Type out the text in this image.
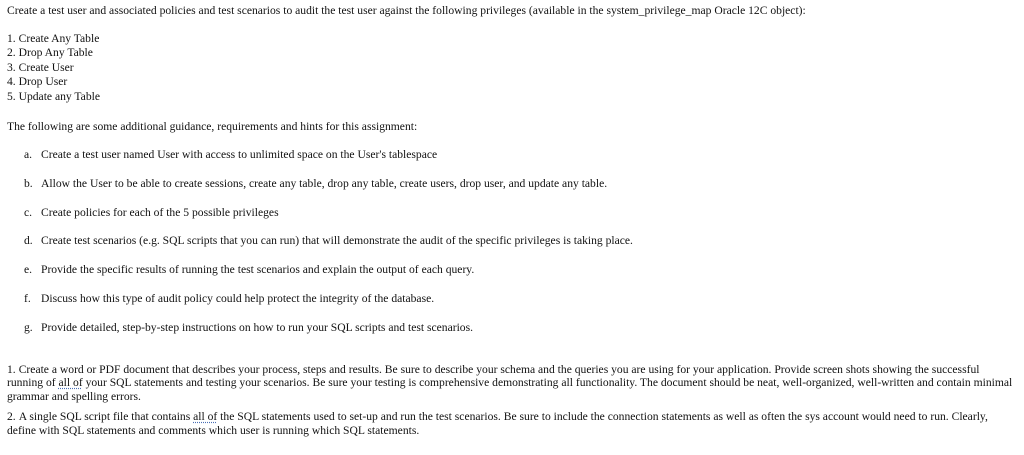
Create a test user and associated policies and test scenarios to audit the test user against the following privileges (available in the system_privilege_map Oracle 12C object):
1. Create Any Table
2. Drop Any Table
3. Create User
4. Drop User
5. Update any Table
The following are some additional guidance, requirements and hints for this assignment:
a. Create a test user named User with access to unlimited space on the User's tablespace
b. Allow the User to be able to create sessions, create any table, drop any table, create users, drop user, and update any table.
c. Create policies for each of the 5 possible privileges
d. Create test scenarios (e.g. SQL scripts that you can run) that will demonstrate the audit of the specific privileges is taking place.
e. Provide the specific results of running the test scenarios and explain the output of each query.
f. Discuss how this type of audit policy could help protect the integrity of the database.
g. Provide detailed, step-by-step instructions on how to run your SQL scripts and test scenarios.

1. Create a word or PDF document that describes your process, steps and results. Be sure to describe your schema and the queries you are using for your application. Provide screen shots showing the successful running of all of your SQL statements and testing your scenarios. Be sure your testing is comprehensive demonstrating all functionality. The document should be neat, well-organized, well-written and contain minimal grammar and spelling errors.

2. A single SQL script file that contains all of the SQL statements used to set-up and run the test scenarios. Be sure to include the connection statements as well as often the sys account would need to run. Clearly, define with SQL statements and comments which user is running which SQL statements.
